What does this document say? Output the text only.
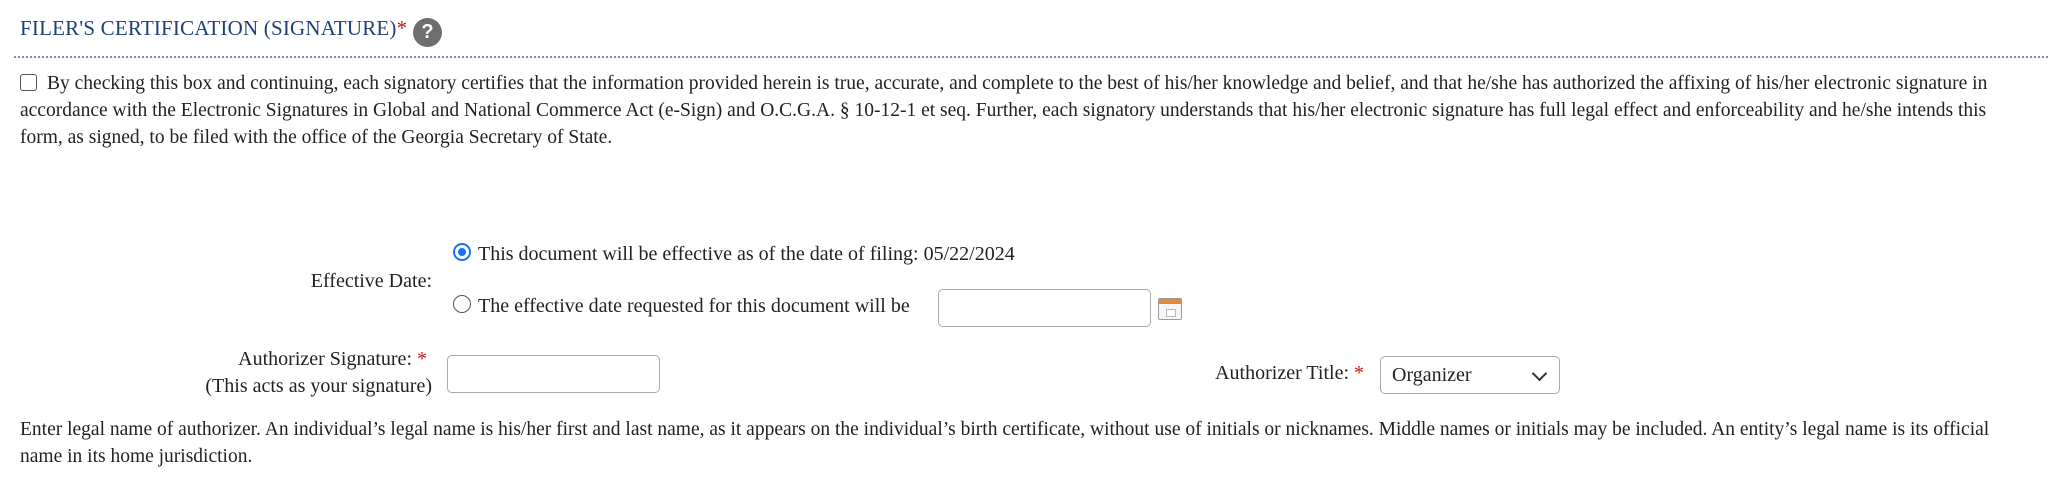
FILER'S CERTIFICATION (SIGNATURE)* ?
By checking this box and continuing, each signatory certifies that the information provided herein is true, accurate, and complete to the best of his/her knowledge and belief, and that he/she has authorized the affixing of his/her electronic signature in accordance with the Electronic Signatures in Global and National Commerce Act (e-Sign) and O.C.G.A. § 10-12-1 et seq. Further, each signatory understands that his/her electronic signature has full legal effect and enforceability and he/she intends this form, as signed, to be filed with the office of the Georgia Secretary of State.
Effective Date:
This document will be effective as of the date of filing: 05/22/2024
The effective date requested for this document will be
Authorizer Signature: *
(This acts as your signature)
Authorizer Title: * Organizer
Enter legal name of authorizer. An individual’s legal name is his/her first and last name, as it appears on the individual’s birth certificate, without use of initials or nicknames. Middle names or initials may be included. An entity’s legal name is its official name in its home jurisdiction.
